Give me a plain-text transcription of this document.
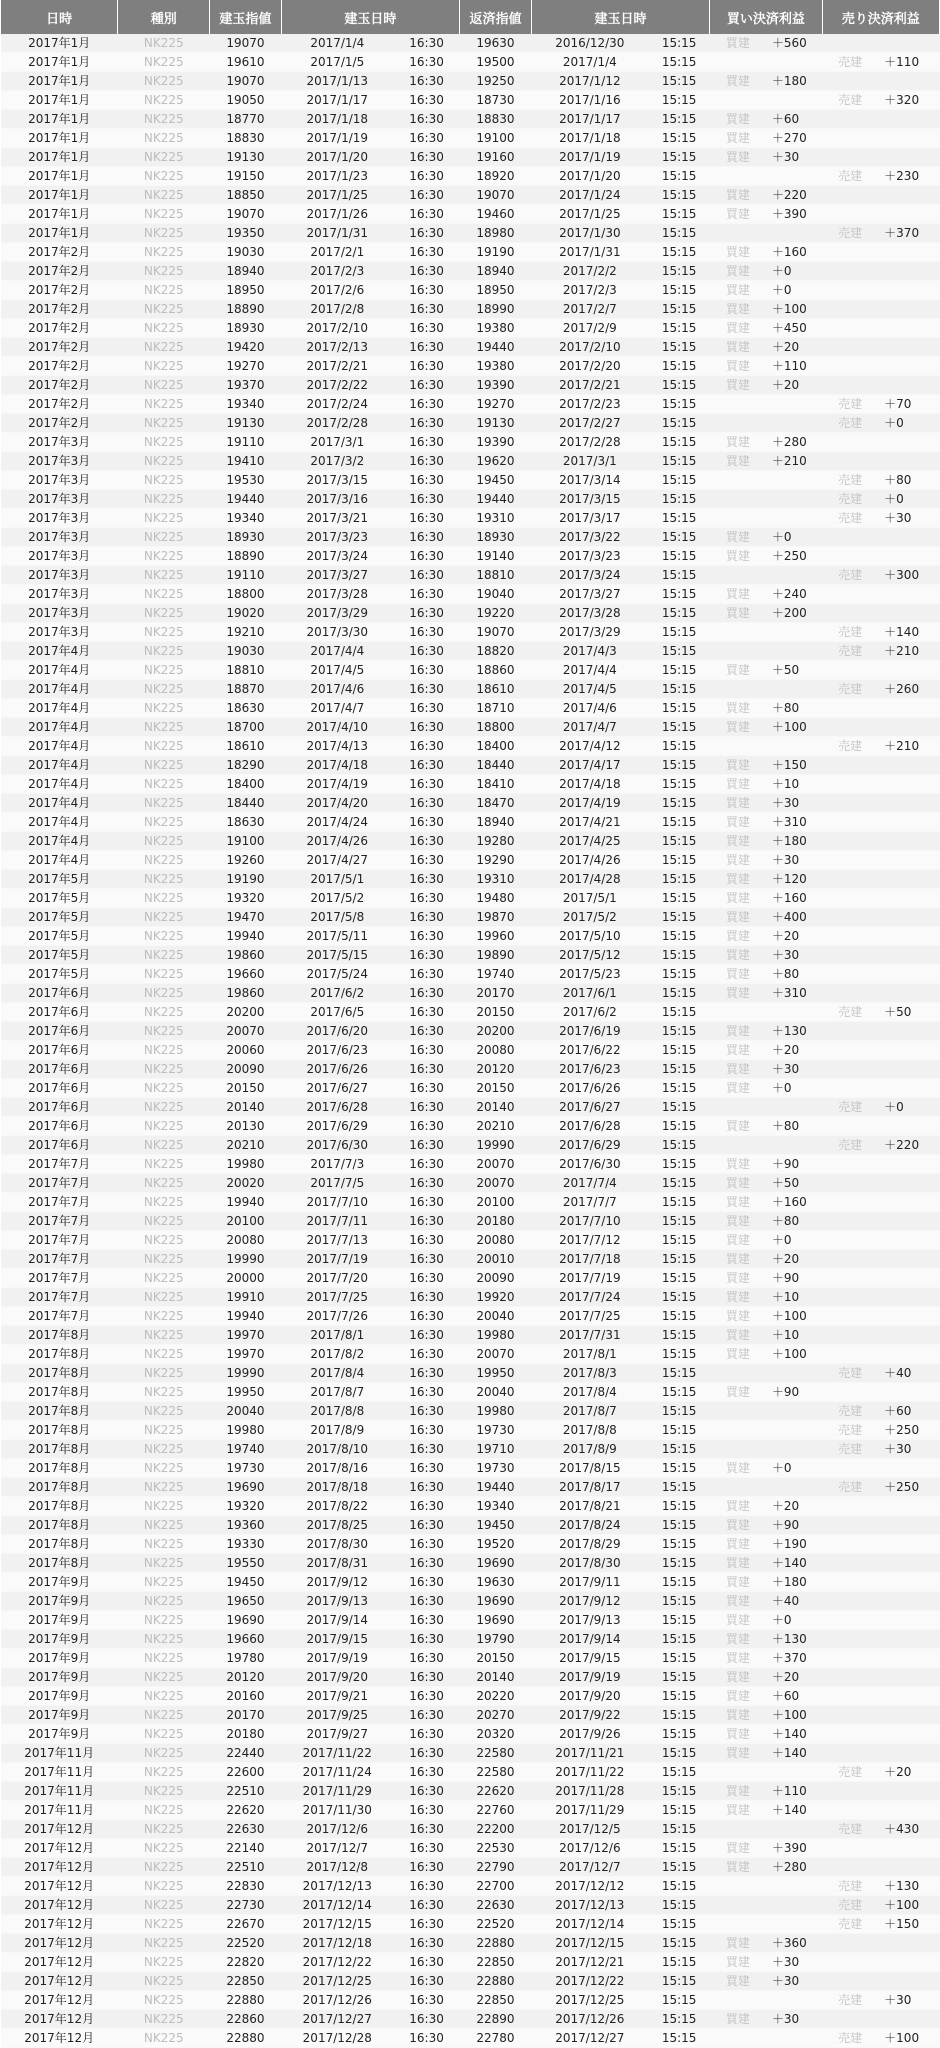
日時	種別	建玉指値	建玉日時		返済指値	建玉日時		買い決済利益		売り決済利益	
2017年1月	NK225	19070	2017/1/4	16:30	19630	2016/12/30	15:15	買建	＋560		
2017年1月	NK225	19610	2017/1/5	16:30	19500	2017/1/4	15:15			売建	＋110
2017年1月	NK225	19070	2017/1/13	16:30	19250	2017/1/12	15:15	買建	＋180		
2017年1月	NK225	19050	2017/1/17	16:30	18730	2017/1/16	15:15			売建	＋320
2017年1月	NK225	18770	2017/1/18	16:30	18830	2017/1/17	15:15	買建	＋60		
2017年1月	NK225	18830	2017/1/19	16:30	19100	2017/1/18	15:15	買建	＋270		
2017年1月	NK225	19130	2017/1/20	16:30	19160	2017/1/19	15:15	買建	＋30		
2017年1月	NK225	19150	2017/1/23	16:30	18920	2017/1/20	15:15			売建	＋230
2017年1月	NK225	18850	2017/1/25	16:30	19070	2017/1/24	15:15	買建	＋220		
2017年1月	NK225	19070	2017/1/26	16:30	19460	2017/1/25	15:15	買建	＋390		
2017年1月	NK225	19350	2017/1/31	16:30	18980	2017/1/30	15:15			売建	＋370
2017年2月	NK225	19030	2017/2/1	16:30	19190	2017/1/31	15:15	買建	＋160		
2017年2月	NK225	18940	2017/2/3	16:30	18940	2017/2/2	15:15	買建	＋0		
2017年2月	NK225	18950	2017/2/6	16:30	18950	2017/2/3	15:15	買建	＋0		
2017年2月	NK225	18890	2017/2/8	16:30	18990	2017/2/7	15:15	買建	＋100		
2017年2月	NK225	18930	2017/2/10	16:30	19380	2017/2/9	15:15	買建	＋450		
2017年2月	NK225	19420	2017/2/13	16:30	19440	2017/2/10	15:15	買建	＋20		
2017年2月	NK225	19270	2017/2/21	16:30	19380	2017/2/20	15:15	買建	＋110		
2017年2月	NK225	19370	2017/2/22	16:30	19390	2017/2/21	15:15	買建	＋20		
2017年2月	NK225	19340	2017/2/24	16:30	19270	2017/2/23	15:15			売建	＋70
2017年2月	NK225	19130	2017/2/28	16:30	19130	2017/2/27	15:15			売建	＋0
2017年3月	NK225	19110	2017/3/1	16:30	19390	2017/2/28	15:15	買建	＋280		
2017年3月	NK225	19410	2017/3/2	16:30	19620	2017/3/1	15:15	買建	＋210		
2017年3月	NK225	19530	2017/3/15	16:30	19450	2017/3/14	15:15			売建	＋80
2017年3月	NK225	19440	2017/3/16	16:30	19440	2017/3/15	15:15			売建	＋0
2017年3月	NK225	19340	2017/3/21	16:30	19310	2017/3/17	15:15			売建	＋30
2017年3月	NK225	18930	2017/3/23	16:30	18930	2017/3/22	15:15	買建	＋0		
2017年3月	NK225	18890	2017/3/24	16:30	19140	2017/3/23	15:15	買建	＋250		
2017年3月	NK225	19110	2017/3/27	16:30	18810	2017/3/24	15:15			売建	＋300
2017年3月	NK225	18800	2017/3/28	16:30	19040	2017/3/27	15:15	買建	＋240		
2017年3月	NK225	19020	2017/3/29	16:30	19220	2017/3/28	15:15	買建	＋200		
2017年3月	NK225	19210	2017/3/30	16:30	19070	2017/3/29	15:15			売建	＋140
2017年4月	NK225	19030	2017/4/4	16:30	18820	2017/4/3	15:15			売建	＋210
2017年4月	NK225	18810	2017/4/5	16:30	18860	2017/4/4	15:15	買建	＋50		
2017年4月	NK225	18870	2017/4/6	16:30	18610	2017/4/5	15:15			売建	＋260
2017年4月	NK225	18630	2017/4/7	16:30	18710	2017/4/6	15:15	買建	＋80		
2017年4月	NK225	18700	2017/4/10	16:30	18800	2017/4/7	15:15	買建	＋100		
2017年4月	NK225	18610	2017/4/13	16:30	18400	2017/4/12	15:15			売建	＋210
2017年4月	NK225	18290	2017/4/18	16:30	18440	2017/4/17	15:15	買建	＋150		
2017年4月	NK225	18400	2017/4/19	16:30	18410	2017/4/18	15:15	買建	＋10		
2017年4月	NK225	18440	2017/4/20	16:30	18470	2017/4/19	15:15	買建	＋30		
2017年4月	NK225	18630	2017/4/24	16:30	18940	2017/4/21	15:15	買建	＋310		
2017年4月	NK225	19100	2017/4/26	16:30	19280	2017/4/25	15:15	買建	＋180		
2017年4月	NK225	19260	2017/4/27	16:30	19290	2017/4/26	15:15	買建	＋30		
2017年5月	NK225	19190	2017/5/1	16:30	19310	2017/4/28	15:15	買建	＋120		
2017年5月	NK225	19320	2017/5/2	16:30	19480	2017/5/1	15:15	買建	＋160		
2017年5月	NK225	19470	2017/5/8	16:30	19870	2017/5/2	15:15	買建	＋400		
2017年5月	NK225	19940	2017/5/11	16:30	19960	2017/5/10	15:15	買建	＋20		
2017年5月	NK225	19860	2017/5/15	16:30	19890	2017/5/12	15:15	買建	＋30		
2017年5月	NK225	19660	2017/5/24	16:30	19740	2017/5/23	15:15	買建	＋80		
2017年6月	NK225	19860	2017/6/2	16:30	20170	2017/6/1	15:15	買建	＋310		
2017年6月	NK225	20200	2017/6/5	16:30	20150	2017/6/2	15:15			売建	＋50
2017年6月	NK225	20070	2017/6/20	16:30	20200	2017/6/19	15:15	買建	＋130		
2017年6月	NK225	20060	2017/6/23	16:30	20080	2017/6/22	15:15	買建	＋20		
2017年6月	NK225	20090	2017/6/26	16:30	20120	2017/6/23	15:15	買建	＋30		
2017年6月	NK225	20150	2017/6/27	16:30	20150	2017/6/26	15:15	買建	＋0		
2017年6月	NK225	20140	2017/6/28	16:30	20140	2017/6/27	15:15			売建	＋0
2017年6月	NK225	20130	2017/6/29	16:30	20210	2017/6/28	15:15	買建	＋80		
2017年6月	NK225	20210	2017/6/30	16:30	19990	2017/6/29	15:15			売建	＋220
2017年7月	NK225	19980	2017/7/3	16:30	20070	2017/6/30	15:15	買建	＋90		
2017年7月	NK225	20020	2017/7/5	16:30	20070	2017/7/4	15:15	買建	＋50		
2017年7月	NK225	19940	2017/7/10	16:30	20100	2017/7/7	15:15	買建	＋160		
2017年7月	NK225	20100	2017/7/11	16:30	20180	2017/7/10	15:15	買建	＋80		
2017年7月	NK225	20080	2017/7/13	16:30	20080	2017/7/12	15:15	買建	＋0		
2017年7月	NK225	19990	2017/7/19	16:30	20010	2017/7/18	15:15	買建	＋20		
2017年7月	NK225	20000	2017/7/20	16:30	20090	2017/7/19	15:15	買建	＋90		
2017年7月	NK225	19910	2017/7/25	16:30	19920	2017/7/24	15:15	買建	＋10		
2017年7月	NK225	19940	2017/7/26	16:30	20040	2017/7/25	15:15	買建	＋100		
2017年8月	NK225	19970	2017/8/1	16:30	19980	2017/7/31	15:15	買建	＋10		
2017年8月	NK225	19970	2017/8/2	16:30	20070	2017/8/1	15:15	買建	＋100		
2017年8月	NK225	19990	2017/8/4	16:30	19950	2017/8/3	15:15			売建	＋40
2017年8月	NK225	19950	2017/8/7	16:30	20040	2017/8/4	15:15	買建	＋90		
2017年8月	NK225	20040	2017/8/8	16:30	19980	2017/8/7	15:15			売建	＋60
2017年8月	NK225	19980	2017/8/9	16:30	19730	2017/8/8	15:15			売建	＋250
2017年8月	NK225	19740	2017/8/10	16:30	19710	2017/8/9	15:15			売建	＋30
2017年8月	NK225	19730	2017/8/16	16:30	19730	2017/8/15	15:15	買建	＋0		
2017年8月	NK225	19690	2017/8/18	16:30	19440	2017/8/17	15:15			売建	＋250
2017年8月	NK225	19320	2017/8/22	16:30	19340	2017/8/21	15:15	買建	＋20		
2017年8月	NK225	19360	2017/8/25	16:30	19450	2017/8/24	15:15	買建	＋90		
2017年8月	NK225	19330	2017/8/30	16:30	19520	2017/8/29	15:15	買建	＋190		
2017年8月	NK225	19550	2017/8/31	16:30	19690	2017/8/30	15:15	買建	＋140		
2017年9月	NK225	19450	2017/9/12	16:30	19630	2017/9/11	15:15	買建	＋180		
2017年9月	NK225	19650	2017/9/13	16:30	19690	2017/9/12	15:15	買建	＋40		
2017年9月	NK225	19690	2017/9/14	16:30	19690	2017/9/13	15:15	買建	＋0		
2017年9月	NK225	19660	2017/9/15	16:30	19790	2017/9/14	15:15	買建	＋130		
2017年9月	NK225	19780	2017/9/19	16:30	20150	2017/9/15	15:15	買建	＋370		
2017年9月	NK225	20120	2017/9/20	16:30	20140	2017/9/19	15:15	買建	＋20		
2017年9月	NK225	20160	2017/9/21	16:30	20220	2017/9/20	15:15	買建	＋60		
2017年9月	NK225	20170	2017/9/25	16:30	20270	2017/9/22	15:15	買建	＋100		
2017年9月	NK225	20180	2017/9/27	16:30	20320	2017/9/26	15:15	買建	＋140		
2017年11月	NK225	22440	2017/11/22	16:30	22580	2017/11/21	15:15	買建	＋140		
2017年11月	NK225	22600	2017/11/24	16:30	22580	2017/11/22	15:15			売建	＋20
2017年11月	NK225	22510	2017/11/29	16:30	22620	2017/11/28	15:15	買建	＋110		
2017年11月	NK225	22620	2017/11/30	16:30	22760	2017/11/29	15:15	買建	＋140		
2017年12月	NK225	22630	2017/12/6	16:30	22200	2017/12/5	15:15			売建	＋430
2017年12月	NK225	22140	2017/12/7	16:30	22530	2017/12/6	15:15	買建	＋390		
2017年12月	NK225	22510	2017/12/8	16:30	22790	2017/12/7	15:15	買建	＋280		
2017年12月	NK225	22830	2017/12/13	16:30	22700	2017/12/12	15:15			売建	＋130
2017年12月	NK225	22730	2017/12/14	16:30	22630	2017/12/13	15:15			売建	＋100
2017年12月	NK225	22670	2017/12/15	16:30	22520	2017/12/14	15:15			売建	＋150
2017年12月	NK225	22520	2017/12/18	16:30	22880	2017/12/15	15:15	買建	＋360		
2017年12月	NK225	22820	2017/12/22	16:30	22850	2017/12/21	15:15	買建	＋30		
2017年12月	NK225	22850	2017/12/25	16:30	22880	2017/12/22	15:15	買建	＋30		
2017年12月	NK225	22880	2017/12/26	16:30	22850	2017/12/25	15:15			売建	＋30
2017年12月	NK225	22860	2017/12/27	16:30	22890	2017/12/26	15:15	買建	＋30		
2017年12月	NK225	22880	2017/12/28	16:30	22780	2017/12/27	15:15			売建	＋100
